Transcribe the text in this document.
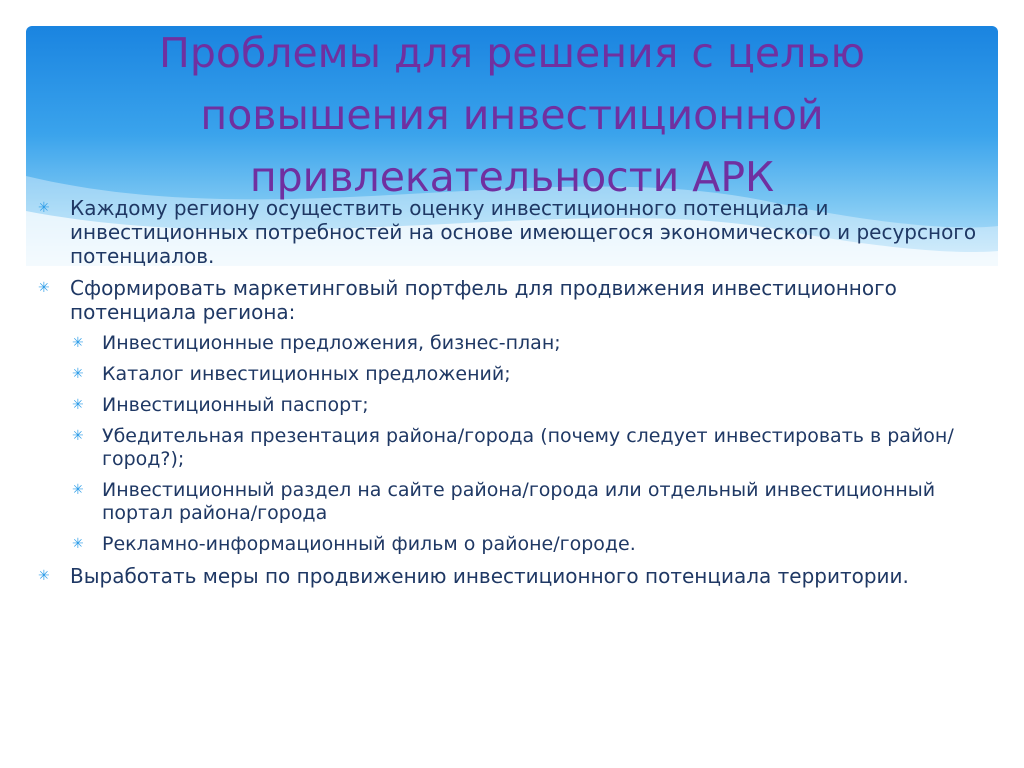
Проблемы для решения с целью повышения инвестиционной привлекательности АРК

✳ Каждому региону осуществить оценку инвестиционного потенциала и инвестиционных потребностей на основе имеющегося экономического и ресурсного потенциалов.

✳ Сформировать маркетинговый портфель для продвижения инвестиционного потенциала региона:

✳ Инвестиционные предложения, бизнес-план;

✳ Каталог инвестиционных предложений;

✳ Инвестиционный паспорт;

✳ Убедительная презентация района/города (почему следует инвестировать в район/город?);

✳ Инвестиционный раздел на сайте района/города или отдельный инвестиционный портал района/города

✳ Рекламно-информационный фильм о районе/городе.

✳ Выработать меры по продвижению инвестиционного потенциала территории.
